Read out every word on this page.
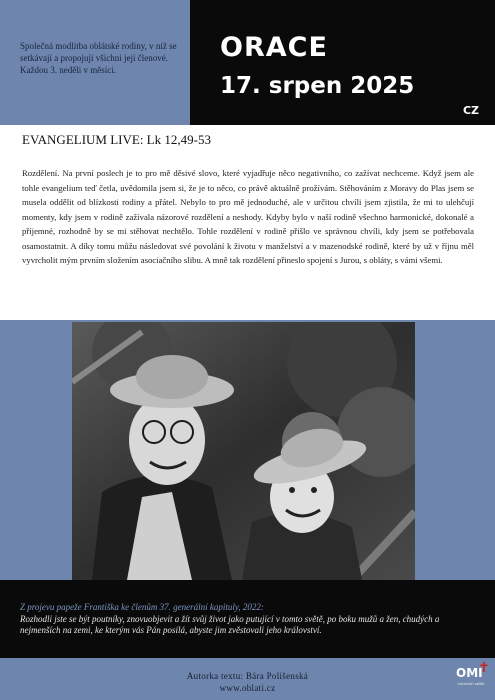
Společná modlitba oblátské rodiny, v níž se setkávají a propojují všichni její členové. Každou 3. neděli v měsíci.

ORACE
17. srpen 2025
CZ
EVANGELIUM LIVE: Lk 12,49-53

Rozdělení. Na první poslech je to pro mě děsivé slovo, které vyjadřuje něco negativního, co zažívat nechceme. Když jsem ale tohle evangelium teď četla, uvědomila jsem si, že je to něco, co právě aktuálně prožívám. Stěhováním z Moravy do Plas jsem se musela oddělit od blízkosti rodiny a přátel. Nebylo to pro mě jednoduché, ale v určitou chvíli jsem zjistila, že mi to ulehčují momenty, kdy jsem v rodině zažívala názorové rozdělení a neshody. Kdyby bylo v naší rodině všechno harmonické, dokonalé a příjemné, rozhodně by se mi stěhovat nechtělo. Tohle rozdělení v rodině přišlo ve správnou chvíli, kdy jsem se potřebovala osamostatnit. A díky tomu můžu následovat své povolání k životu v manželství a v mazenodské rodině, které by už v říjnu měl vyvrcholit mým prvním složením asociačního slibu. A mně tak rozdělení přineslo spojení s Jurou, s obláty, s vámi všemi.

Z projevu papeže Františka ke členům 37. generální kapituly, 2022:

Rozhodli jste se být poutníky, znovuobjevit a žít svůj život jako putující v tomto světě, po boku mužů a žen, chudých a nejmenších na zemi, ke kterým vás Pán posílá, abyste jim zvěstovali jeho království.

Autorka textu: Bára Polišenská
www.oblati.cz
OMI
✝
misionáři obláti
